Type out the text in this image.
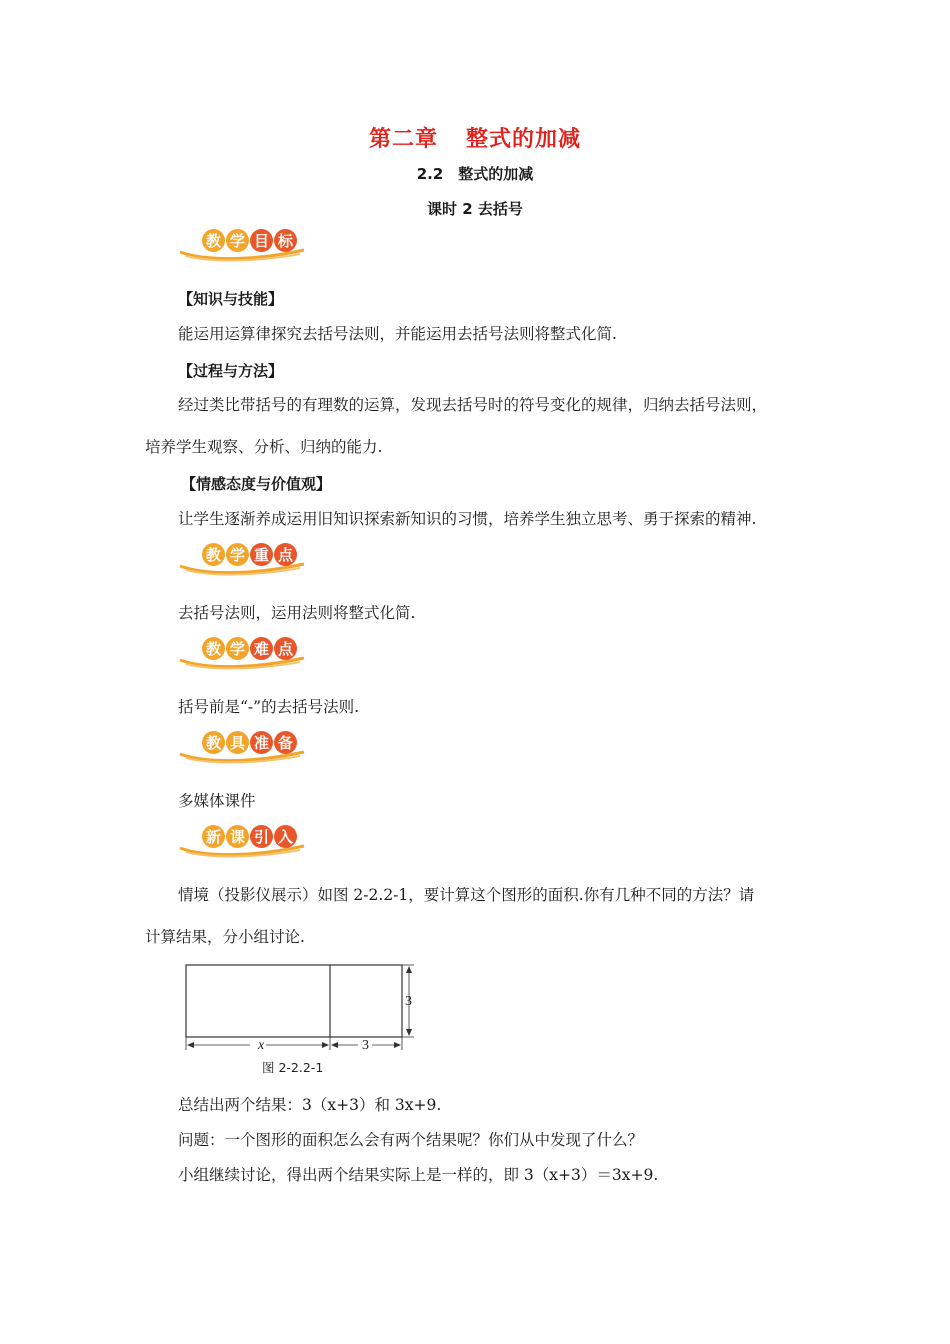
第二章 整式的加减
2.2　整式的加减
课时 2 去括号
教 学 目 标
【知识与技能】
能运用运算律探究去括号法则，并能运用去括号法则将整式化简.
【过程与方法】
经过类比带括号的有理数的运算，发现去括号时的符号变化的规律，归纳去括号法则，
培养学生观察、分析、归纳的能力.
【情感态度与价值观】
让学生逐渐养成运用旧知识探索新知识的习惯，培养学生独立思考、勇于探索的精神.
教 学 重 点
去括号法则，运用法则将整式化简.
教 学 难 点
括号前是“-”的去括号法则.
教 具 准 备
多媒体课件
新 课 引 入
情境（投影仪展示）如图 2-2.2-1，要计算这个图形的面积.你有几种不同的方法？请
计算结果，分小组讨论.
x	3
3
图 2-2.2-1
总结出两个结果：3（x+3）和 3x+9.
问题：一个图形的面积怎么会有两个结果呢？你们从中发现了什么？
小组继续讨论，得出两个结果实际上是一样的，即 3（x+3）＝3x+9.
